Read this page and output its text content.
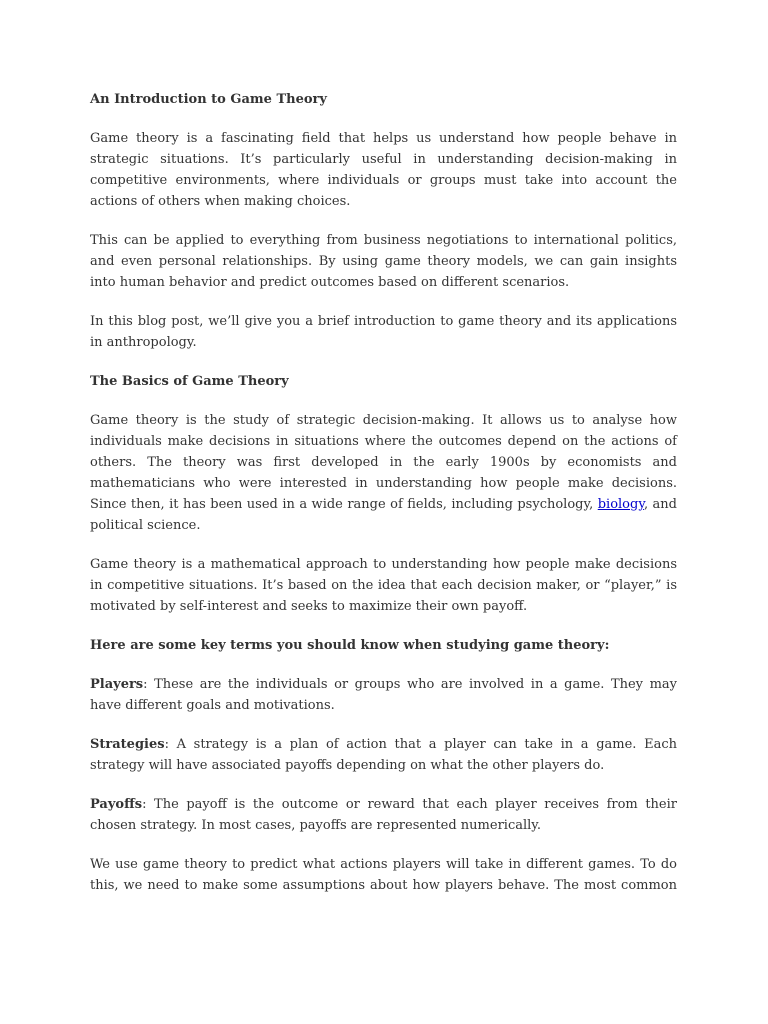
An Introduction to Game Theory

Game theory is a fascinating field that helps us understand how people behave in strategic situations. It’s particularly useful in understanding decision-making in competitive environments, where individuals or groups must take into account the actions of others when making choices.

This can be applied to everything from business negotiations to international politics, and even personal relationships. By using game theory models, we can gain insights into human behavior and predict outcomes based on different scenarios.

In this blog post, we’ll give you a brief introduction to game theory and its applications in anthropology.

The Basics of Game Theory

Game theory is the study of strategic decision-making. It allows us to analyse how individuals make decisions in situations where the outcomes depend on the actions of others. The theory was first developed in the early 1900s by economists and mathematicians who were interested in understanding how people make decisions. Since then, it has been used in a wide range of fields, including psychology, biology, and political science.

Game theory is a mathematical approach to understanding how people make decisions in competitive situations. It’s based on the idea that each decision maker, or “player,” is motivated by self-interest and seeks to maximize their own payoff.

Here are some key terms you should know when studying game theory:

Players: These are the individuals or groups who are involved in a game. They may have different goals and motivations.

Strategies: A strategy is a plan of action that a player can take in a game. Each strategy will have associated payoffs depending on what the other players do.

Payoffs: The payoff is the outcome or reward that each player receives from their chosen strategy. In most cases, payoffs are represented numerically.

We use game theory to predict what actions players will take in different games. To do this, we need to make some assumptions about how players behave. The most common
